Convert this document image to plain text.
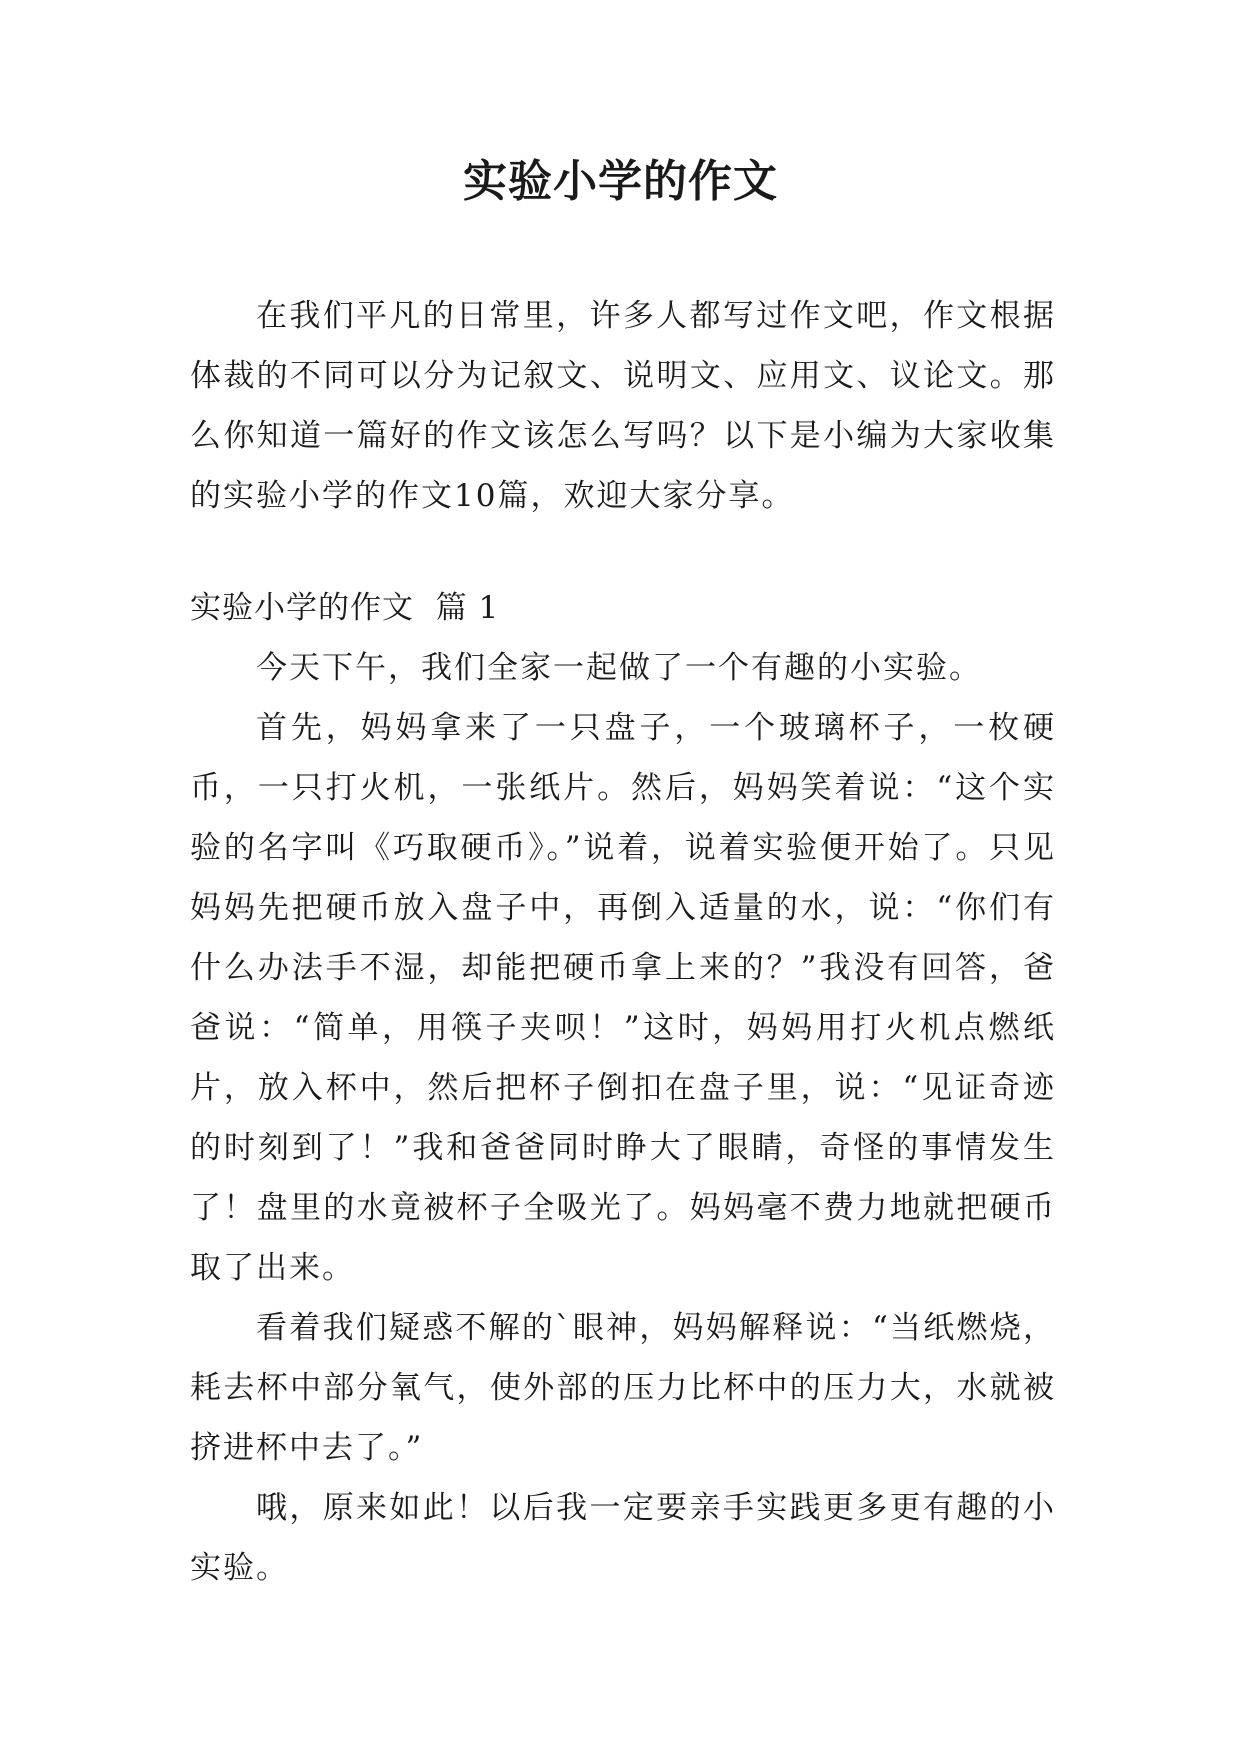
实验小学的作文

在我们平凡的日常里，许多人都写过作文吧，作文根据体裁的不同可以分为记叙文、说明文、应用文、议论文。那么你知道一篇好的作文该怎么写吗？以下是小编为大家收集的实验小学的作文10篇，欢迎大家分享。

实验小学的作文  篇 1

今天下午，我们全家一起做了一个有趣的小实验。

首先，妈妈拿来了一只盘子，一个玻璃杯子，一枚硬币，一只打火机，一张纸片。然后，妈妈笑着说：“这个实验的名字叫《巧取硬币》。”说着，说着实验便开始了。只见妈妈先把硬币放入盘子中，再倒入适量的水，说：“你们有什么办法手不湿，却能把硬币拿上来的？”我没有回答，爸爸说：“简单，用筷子夹呗！”这时，妈妈用打火机点燃纸片，放入杯中，然后把杯子倒扣在盘子里，说：“见证奇迹的时刻到了！”我和爸爸同时睁大了眼睛，奇怪的事情发生了！盘里的水竟被杯子全吸光了。妈妈毫不费力地就把硬币取了出来。

看着我们疑惑不解的`眼神，妈妈解释说：“当纸燃烧，耗去杯中部分氧气，使外部的压力比杯中的压力大，水就被挤进杯中去了。”

哦，原来如此！以后我一定要亲手实践更多更有趣的小实验。
